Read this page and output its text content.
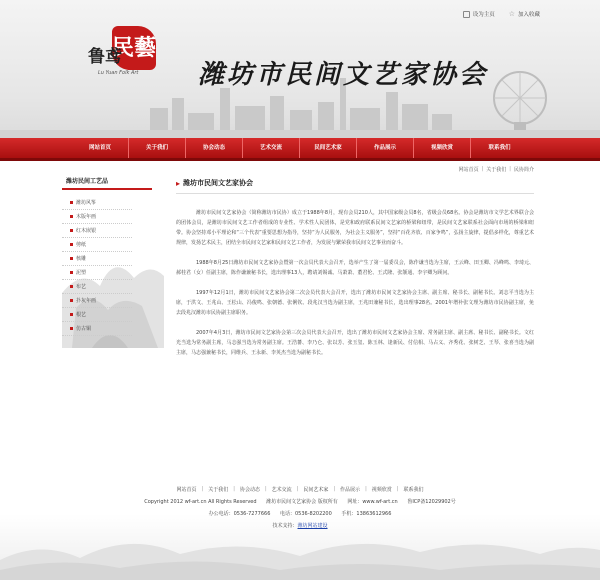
民藝
鲁鸢
Lu Yuan Folk Art 潍坊市民间文艺家协会
设为主页 ☆ 加入收藏
网站首页	关于我们	协会动态	艺术交流	民间艺术家	作品展示	视频欣赏	联系我们
网站首页 | 关于我们 | 民协简介
潍坊民间工艺品
潍坊风筝
木版年画
红木嵌银
剪纸
核雕
泥塑
布艺
扑灰年画
根艺
仿古铜
▸ 潍坊市民间文艺家协会

潍坊市民间文艺家协会（简称潍坊市民协）成立于1988年8月，现有会员210人，其中国家级会员8名，省级会员68名。协会是潍坊市文学艺术界联合会的团体会员，是潍坊市民间文艺工作者组成的专业性、学术性人民团体，是党和政府联系民间文艺家的桥梁和纽带，是民间文艺家联系社会面向市场的桥梁和纽带。协会坚持邓小平理论和“三个代表”重要思想为指导，坚持“为人民服务，为社会主义服务”，坚持“百花齐放、百家争鸣”，弘扬主旋律，提倡多样化，尊重艺术规律，发扬艺术民主，团结全市民间文艺家和民间文艺工作者，为发展与繁荣我市民间文艺事业而奋斗。

1988年8月25日潍坊市民间文艺家协会暨第一次会员代表大会召开，选举产生了第一届委员会，陈作谦当选为主席，王云峰、田玉卿、冯峰鸣、李琦元、郝桂君（女）任副主席，陈作谦兼秘书长，选出理事13人，聘请刘锡诚、马萧萧、董君伦、王式隆、张颔通、李宇卿为顾问。

1997年12月1日，潍坊市民间文艺家协会第二次会员代表大会召开，选出了潍坊市民间文艺家协会主席、副主席、秘书长、副秘书长。刘志平当选为主席，于洪文、王兆山、王松山、冯俊鸣、张朝德、张俐钦、段兆汉当选为副主席，王兆田兼秘书长，选出理事28名。2001年增补张文理为潍坊市民协副主席，免去段兆汉潍坊市民协副主席职务。

2007年4月3日，潍坊市民间文艺家协会第三次会员代表大会召开，选出了潍坊市民间文艺家协会主席、常务副主席、副主席、秘书长、副秘书长。文红光当选为常务副主席，马志强当选为常务副主席。王浩蕃、李乃仑、张以芳、张玉玺、陈玉林、逢新民、付信相、马占义、齐秀花、张树芝、王琴、张喜当选为副主席，马志强兼秘书长，同维兵、王永新、李英杰当选为副秘书长。

网站首页 | 关于我们 | 协会动态 | 艺术交流 | 民间艺术家 | 作品展示 | 视频欣赏 | 联系我们
Copyright 2012 wf-art.cn All Rights Reserved 潍坊市民间文艺家协会 版权所有 网址：www.wf-art.cn 鲁ICP备12029902号
办公电话：0536-7277666 电话：0536-8202200 手机：13863612966
技术支持：潍坊网站建设
